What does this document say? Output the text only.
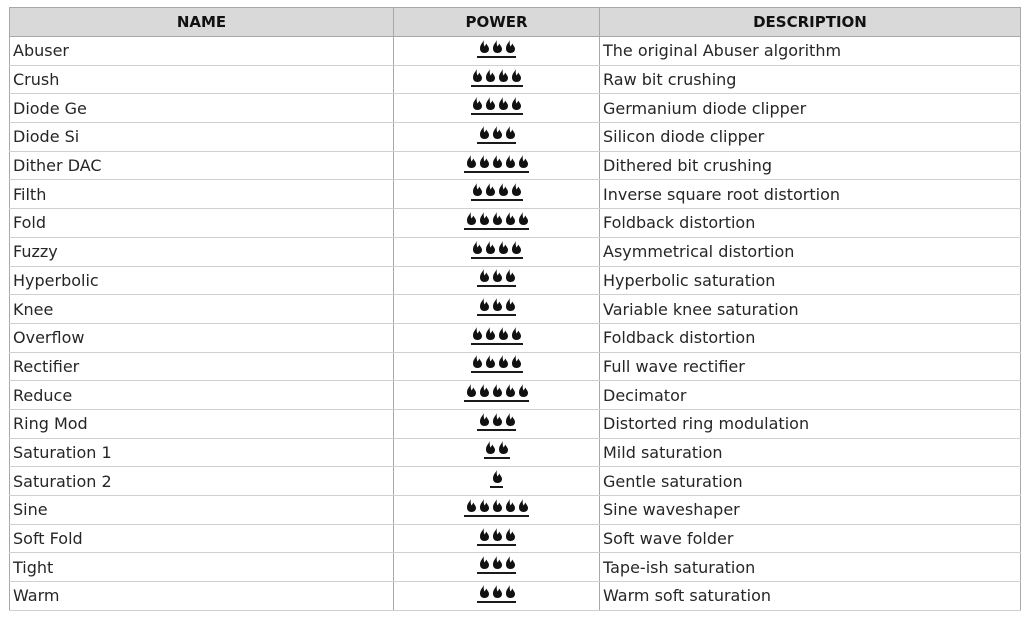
NAME	POWER	DESCRIPTION
Abuser		The original Abuser algorithm
Crush		Raw bit crushing
Diode Ge		Germanium diode clipper
Diode Si		Silicon diode clipper
Dither DAC		Dithered bit crushing
Filth		Inverse square root distortion
Fold		Foldback distortion
Fuzzy		Asymmetrical distortion
Hyperbolic		Hyperbolic saturation
Knee		Variable knee saturation
Overflow		Foldback distortion
Rectifier		Full wave rectifier
Reduce		Decimator
Ring Mod		Distorted ring modulation
Saturation 1		Mild saturation
Saturation 2		Gentle saturation
Sine		Sine waveshaper
Soft Fold		Soft wave folder
Tight		Tape-ish saturation
Warm		Warm soft saturation
